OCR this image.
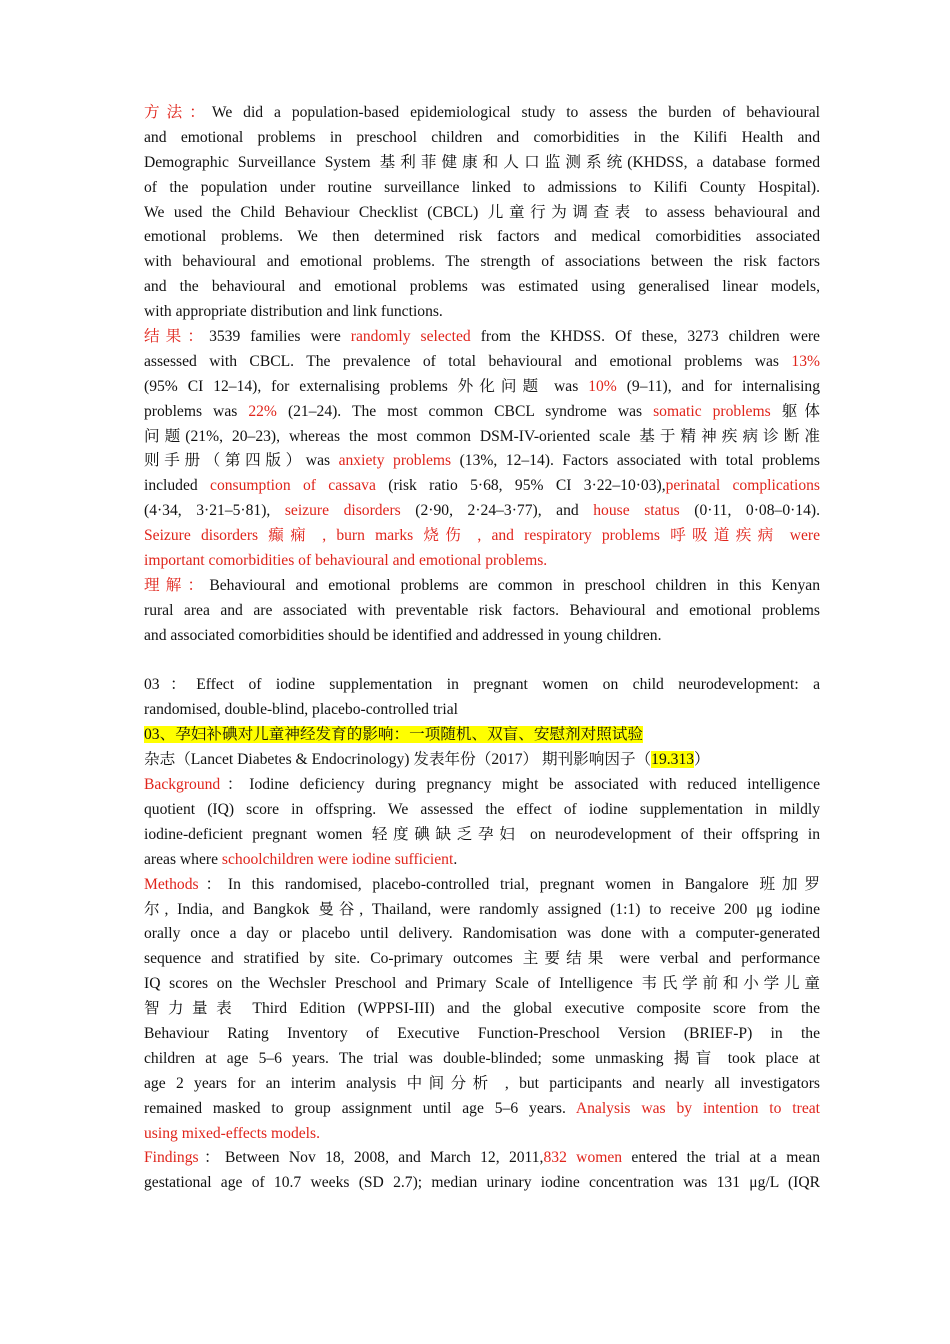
方法：We did a population-based epidemiological study to assess the burden of behavioural
and emotional problems in preschool children and comorbidities in the Kilifi Health and
Demographic Surveillance System 基利菲健康和人口监测系统(KHDSS, a database formed
of the population under routine surveillance linked to admissions to Kilifi County Hospital).
We used the Child Behaviour Checklist (CBCL) 儿童行为调查表 to assess behavioural and
emotional problems. We then determined risk factors and medical comorbidities associated
with behavioural and emotional problems. The strength of associations between the risk factors
and the behavioural and emotional problems was estimated using generalised linear models,
with appropriate distribution and link functions.
结果：3539 families were randomly selected from the KHDSS. Of these, 3273 children were
assessed with CBCL. The prevalence of total behavioural and emotional problems was 13%
(95% CI 12–14), for externalising problems 外化问题 was 10% (9–11), and for internalising
problems was 22% (21–24). The most common CBCL syndrome was somatic problems 躯体
问题(21%, 20–23), whereas the most common DSM-IV-oriented scale 基于精神疾病诊断准
则手册（第四版）was anxiety problems (13%, 12–14). Factors associated with total problems
included consumption of cassava (risk ratio 5·68, 95% CI 3·22–10·03),perinatal complications
(4·34, 3·21–5·81), seizure disorders (2·90, 2·24–3·77), and house status (0·11, 0·08–0·14).
Seizure disorders 癫痫 , burn marks 烧伤 , and respiratory problems 呼吸道疾病 were
important comorbidities of behavioural and emotional problems.
理解：Behavioural and emotional problems are common in preschool children in this Kenyan
rural area and are associated with preventable risk factors. Behavioural and emotional problems
and associated comorbidities should be identified and addressed in young children.
03：Effect of iodine supplementation in pregnant women on child neurodevelopment: a
randomised, double-blind, placebo-controlled trial
03、孕妇补碘对儿童神经发育的影响：一项随机、双盲、安慰剂对照试验
杂志（Lancet Diabetes & Endocrinology) 发表年份（2017） 期刊影响因子（19.313）
Background：Iodine deficiency during pregnancy might be associated with reduced intelligence
quotient (IQ) score in offspring. We assessed the effect of iodine supplementation in mildly
iodine-deficient pregnant women 轻度碘缺乏孕妇 on neurodevelopment of their offspring in
areas where schoolchildren were iodine sufficient.
Methods：In this randomised, placebo-controlled trial, pregnant women in Bangalore 班加罗
尔, India, and Bangkok 曼谷, Thailand, were randomly assigned (1:1) to receive 200 μg iodine
orally once a day or placebo until delivery. Randomisation was done with a computer-generated
sequence and stratified by site. Co-primary outcomes 主要结果 were verbal and performance
IQ scores on the Wechsler Preschool and Primary Scale of Intelligence 韦氏学前和小学儿童
智力量表 Third Edition (WPPSI-III) and the global executive composite score from the
Behaviour Rating Inventory of Executive Function-Preschool Version (BRIEF-P) in the
children at age 5–6 years. The trial was double-blinded; some unmasking 揭盲 took place at
age 2 years for an interim analysis 中间分析 , but participants and nearly all investigators
remained masked to group assignment until age 5–6 years. Analysis was by intention to treat
using mixed-effects models.
Findings：Between Nov 18, 2008, and March 12, 2011,832 women entered the trial at a mean
gestational age of 10.7 weeks (SD 2.7); median urinary iodine concentration was 131 μg/L (IQR
